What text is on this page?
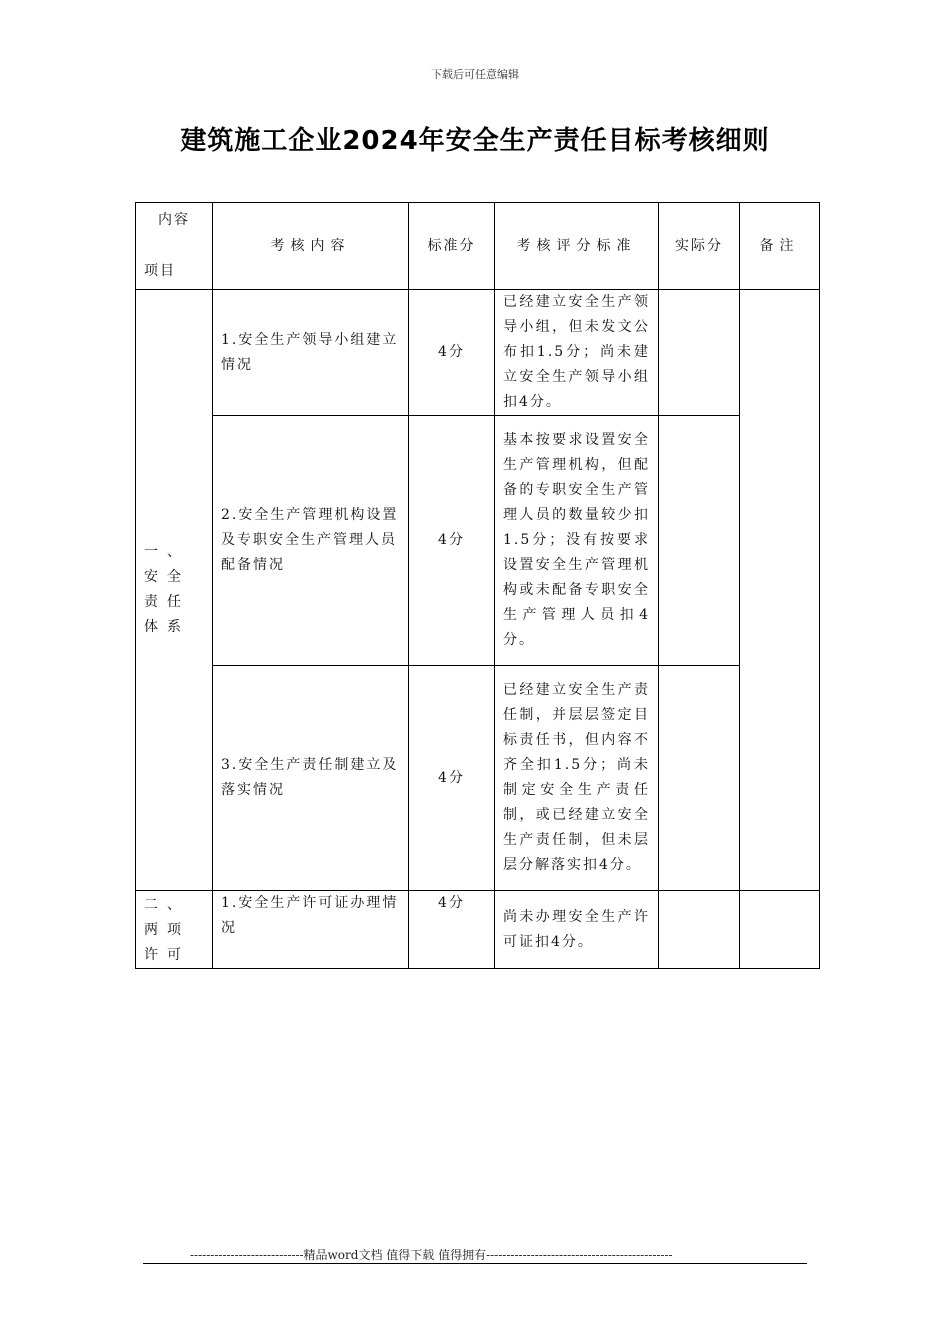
下载后可任意编辑
建筑施工企业2024年安全生产责任目标考核细则
内容
项目	考核内容	标准分	考核评分标准	实际分	备注
一、安全责任体系	1.安全生产领导小组建立情况	4分	已经建立安全生产领导小组，但未发文公布扣1.5分；尚未建立安全生产领导小组扣4分。		
	2.安全生产管理机构设置及专职安全生产管理人员配备情况	4分	基本按要求设置安全生产管理机构，但配备的专职安全生产管理人员的数量较少扣1.5分；没有按要求设置安全生产管理机构或未配备专职安全生产管理人员扣4分。		
	3.安全生产责任制建立及落实情况	4分	已经建立安全生产责任制，并层层签定目标责任书，但内容不齐全扣1.5分；尚未制定安全生产责任制，或已经建立安全生产责任制，但未层层分解落实扣4分。		
二、两项许可	1.安全生产许可证办理情况	4分	尚未办理安全生产许可证扣4分。		
----------------------------精品word文档 值得下载 值得拥有----------------------------------------------
